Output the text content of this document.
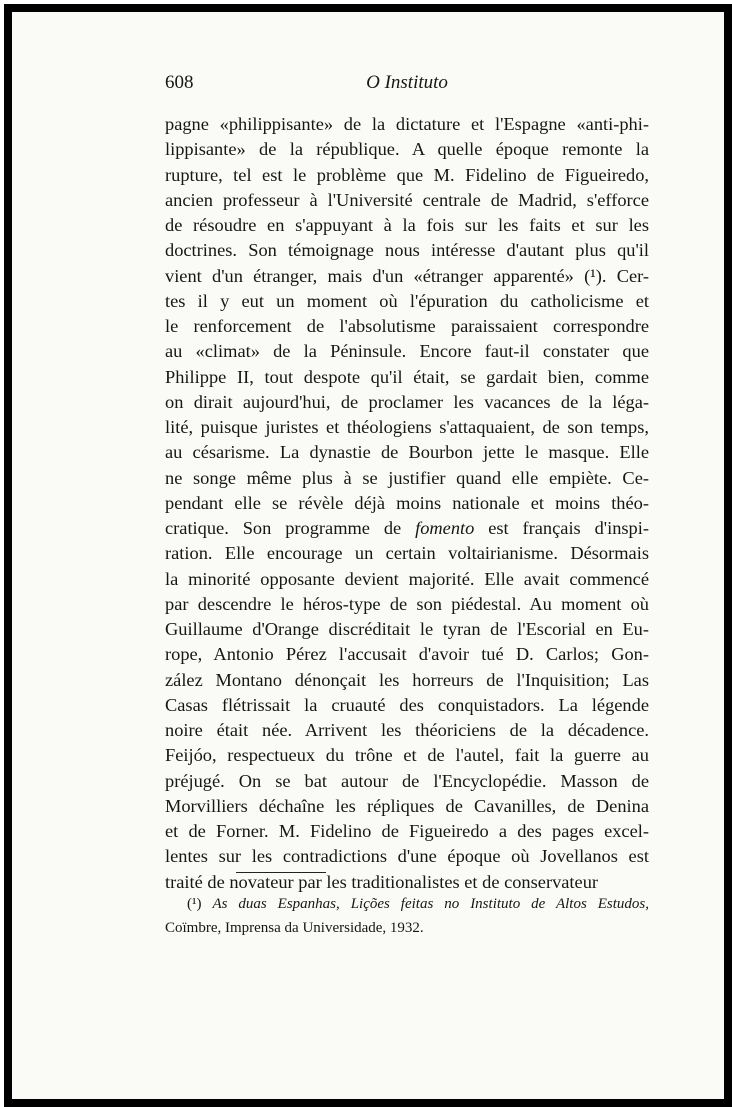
608	O Instituto
pagne «philippisante» de la dictature et l'Espagne «anti-phi-
lippisante» de la république. A quelle époque remonte la
rupture, tel est le problème que M. Fidelino de Figueiredo,
ancien professeur à l'Université centrale de Madrid, s'efforce
de résoudre en s'appuyant à la fois sur les faits et sur les
doctrines. Son témoignage nous intéresse d'autant plus qu'il
vient d'un étranger, mais d'un «étranger apparenté» (¹). Cer-
tes il y eut un moment où l'épuration du catholicisme et
le renforcement de l'absolutisme paraissaient correspondre
au «climat» de la Péninsule. Encore faut-il constater que
Philippe II, tout despote qu'il était, se gardait bien, comme
on dirait aujourd'hui, de proclamer les vacances de la léga-
lité, puisque juristes et théologiens s'attaquaient, de son temps,
au césarisme. La dynastie de Bourbon jette le masque. Elle
ne songe même plus à se justifier quand elle empiète. Ce-
pendant elle se révèle déjà moins nationale et moins théo-
cratique. Son programme de fomento est français d'inspi-
ration. Elle encourage un certain voltairianisme. Désormais
la minorité opposante devient majorité. Elle avait commencé
par descendre le héros-type de son piédestal. Au moment où
Guillaume d'Orange discréditait le tyran de l'Escorial en Eu-
rope, Antonio Pérez l'accusait d'avoir tué D. Carlos; Gon-
zález Montano dénonçait les horreurs de l'Inquisition; Las
Casas flétrissait la cruauté des conquistadors. La légende
noire était née. Arrivent les théoriciens de la décadence.
Feijóo, respectueux du trône et de l'autel, fait la guerre au
préjugé. On se bat autour de l'Encyclopédie. Masson de
Morvilliers déchaîne les répliques de Cavanilles, de Denina
et de Forner. M. Fidelino de Figueiredo a des pages excel-
lentes sur les contradictions d'une époque où Jovellanos est
traité de novateur par les traditionalistes et de conservateur
(¹) As duas Espanhas, Lições feitas no Instituto de Altos Estudos,
Coïmbre, Imprensa da Universidade, 1932.
